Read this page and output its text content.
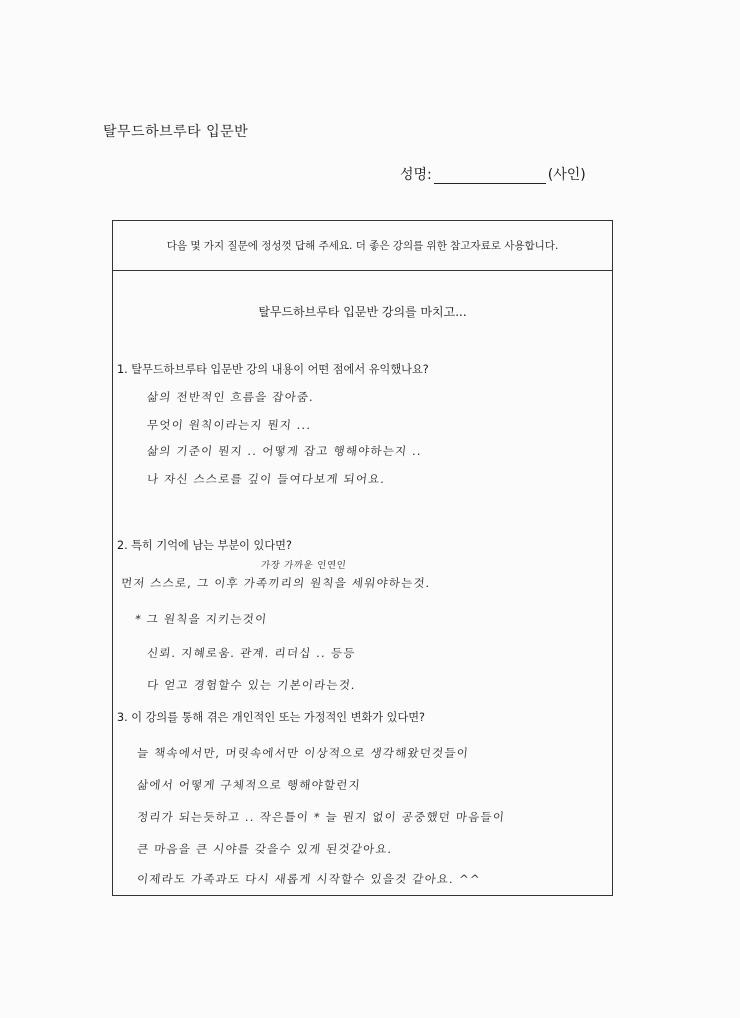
탈무드하브루타 입문반
성명:	(사인)
다음 몇 가지 질문에 정성껏 답해 주세요. 더 좋은 강의를 위한 참고자료로 사용합니다.
탈무드하브루타 입문반 강의를 마치고...
1. 탈무드하브루타 입문반 강의 내용이 어떤 점에서 유익했나요?
삶의 전반적인 흐름을 잡아줌.
무엇이 원칙이라는지 뭔지 ...
삶의 기준이 뭔지 .. 어떻게 잡고 행해야하는지 ..
나 자신 스스로를 깊이 들여다보게 되어요.
2. 특히 기억에 남는 부분이 있다면?
가장 가까운 인연인
먼저 스스로, 그 이후 가족끼리의 원칙을 세워야하는것.
* 그 원칙을 지키는것이
신뢰. 지혜로움. 관계. 리더십 .. 등등
다 얻고 경험할수 있는 기본이라는것.
3. 이 강의를 통해 겪은 개인적인 또는 가정적인 변화가 있다면?
늘 책속에서만, 머릿속에서만 이상적으로 생각해왔던것들이
삶에서 어떻게 구체적으로 행해야할런지
정리가 되는듯하고 .. 작은틀이 * 늘 뭔지 없이 공중했던 마음들이
큰 마음을 큰 시야를 갖을수 있게 된것같아요.
이제라도 가족과도 다시 새롭게 시작할수 있을것 같아요. ^^
